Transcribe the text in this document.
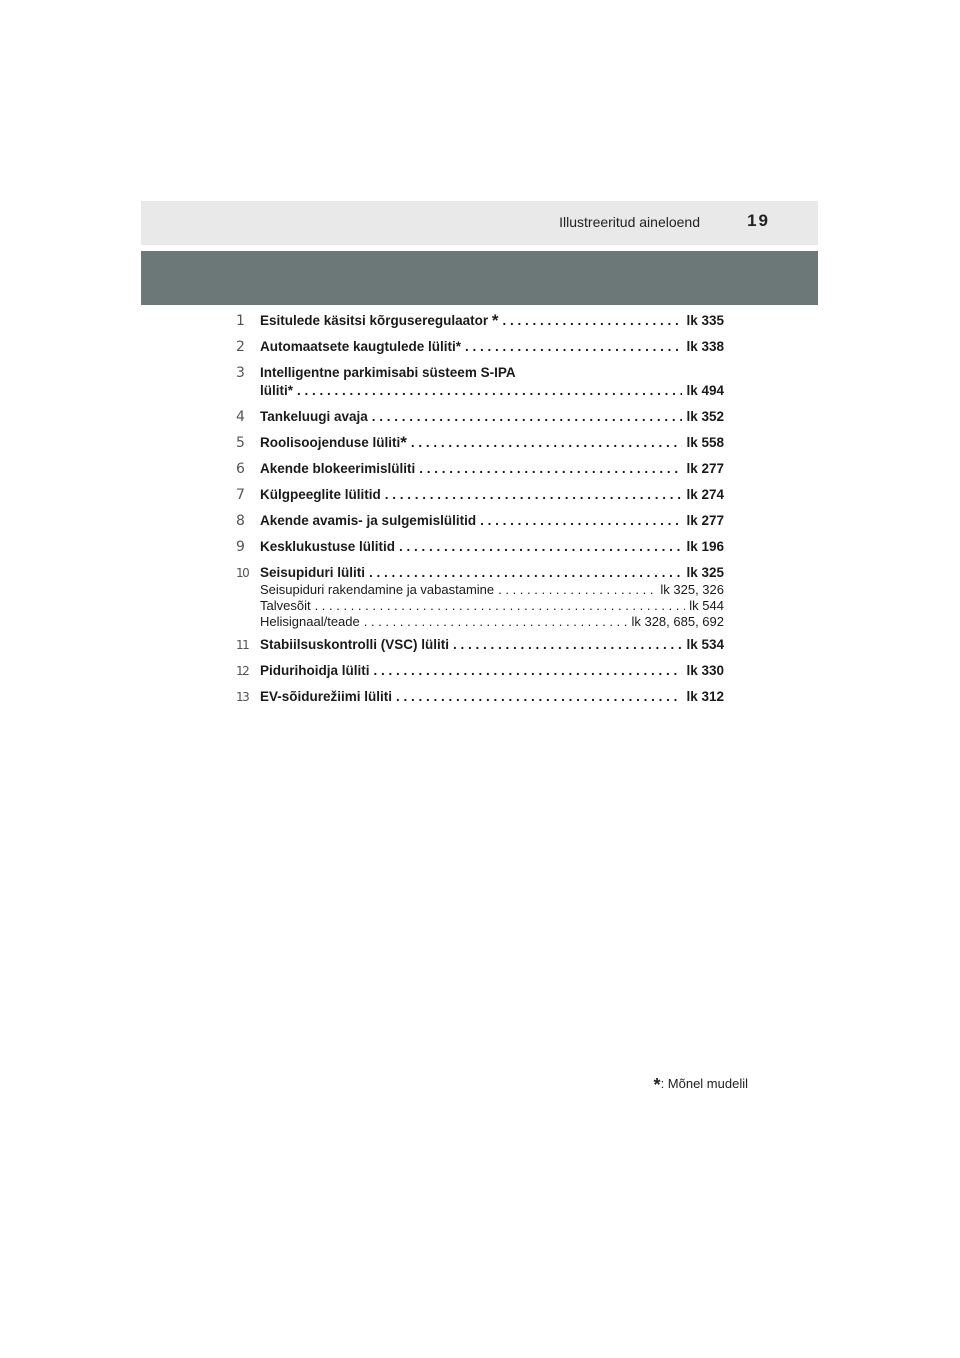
Illustreeritud aineloend	19
1	Esitulede käsitsi kõrguseregulaator * . . .	lk 335
2	Automaatsete kaugtulede lüliti* . . .	lk 338
3	Intelligentne parkimisabi süsteem S-IPA
lüliti* . . .	lk 494
4	Tankeluugi avaja . . .	lk 352
5	Roolisoojenduse lüliti* . . .	lk 558
6	Akende blokeerimislüliti . . .	lk 277
7	Külgpeeglite lülitid . . .	lk 274
8	Akende avamis- ja sulgemislülitid . . .	lk 277
9	Kesklukustuse lülitid . . .	lk 196
10 Seisupiduri lüliti . . .	lk 325
Seisupiduri rakendamine ja vabastamine . . .	lk 325, 326
Talvesõit . . .	lk 544
Helisignaal/teade . . .	lk 328, 685, 692
11 Stabiilsuskontrolli (VSC) lüliti . . .	lk 534
12 Pidurihoidja lüliti . . .	lk 330
13 EV-sõidurežiimi lüliti . . .	lk 312
*: Mõnel mudelil
